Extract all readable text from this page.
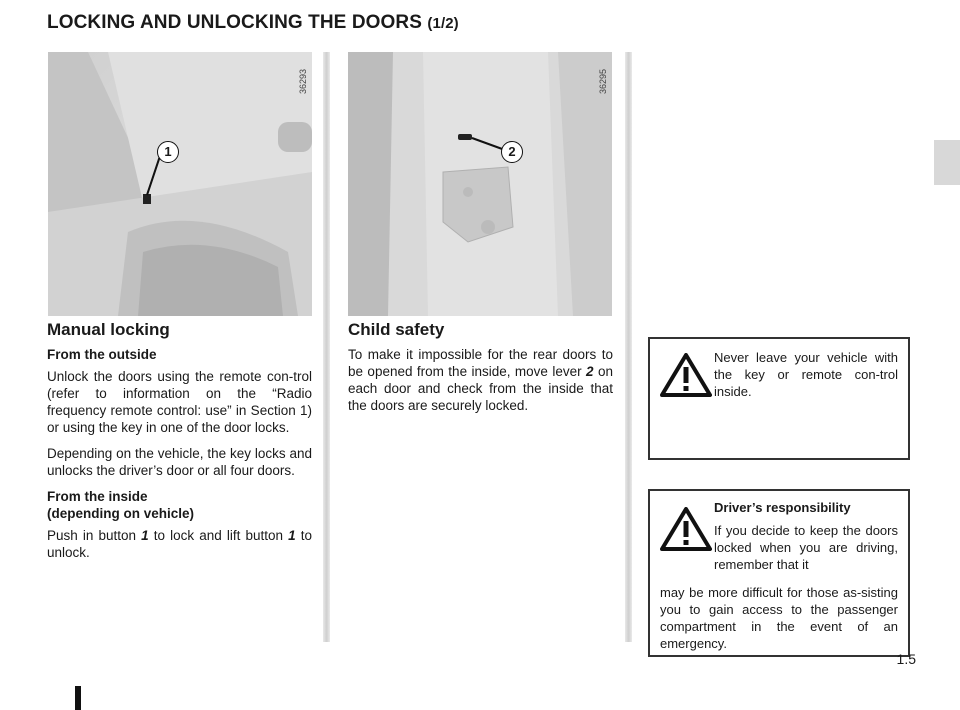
LOCKING AND UNLOCKING THE DOORS (1/2)
36293
1
36295
2
Manual locking

From the outside

Unlock the doors using the remote con-trol (refer to information on the “Radio frequency remote control: use” in Section 1) or using the key in one of the door locks.

Depending on the vehicle, the key locks and unlocks the driver’s door or all four doors.

From the inside

(depending on vehicle)

Push in button 1 to lock and lift button 1 to unlock.

Child safety

To make it impossible for the rear doors to be opened from the inside, move lever 2 on each door and check from the inside that the doors are securely locked.

Never leave your vehicle with the key or remote con-trol inside.
Driver’s responsibility
If you decide to keep the doors locked when you are driving, remember that it
may be more difficult for those as-sisting you to gain access to the passenger compartment in the event of an emergency.
1.5
